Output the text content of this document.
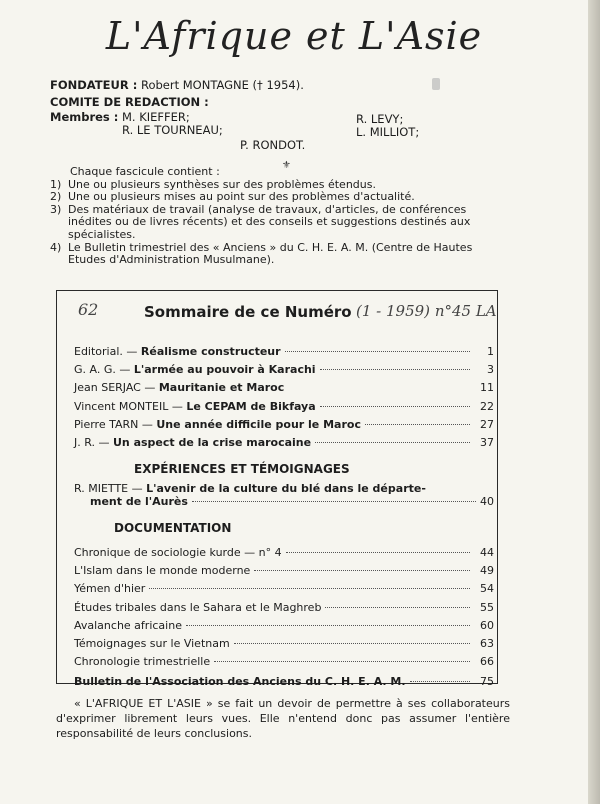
L'Afrique et L'Asie
FONDATEUR : Robert MONTAGNE († 1954).
COMITE DE REDACTION :
Membres : M. KIEFFER;	R. LEVY;
R. LE TOURNEAU;	L. MILLIOT;
P. RONDOT.
⚜
Chaque fascicule contient :
1) Une ou plusieurs synthèses sur des problèmes étendus.
2) Une ou plusieurs mises au point sur des problèmes d'actualité.
3) Des matériaux de travail (analyse de travaux, d'articles, de conférences inédites ou de livres récents) et des conseils et suggestions destinés aux spécialistes.
4) Le Bulletin trimestriel des « Anciens » du C. H. E. A. M. (Centre de Hautes Etudes d'Administration Musulmane).
62	Sommaire de ce Numéro (1 - 1959) n°45 LA
Editorial. — Réalisme constructeur	1
G. A. G. — L'armée au pouvoir à Karachi	3
Jean SERJAC — Mauritanie et Maroc	11
Vincent MONTEIL — Le CEPAM de Bikfaya	22
Pierre TARN — Une année difficile pour le Maroc	27
J. R. — Un aspect de la crise marocaine	37
EXPÉRIENCES ET TÉMOIGNAGES
R. MIETTE — L'avenir de la culture du blé dans le départe-
ment de l'Aurès	40
DOCUMENTATION
Chronique de sociologie kurde — n° 4	44
L'Islam dans le monde moderne	49
Yémen d'hier	54
Études tribales dans le Sahara et le Maghreb	55
Avalanche africaine	60
Témoignages sur le Vietnam	63
Chronologie trimestrielle	66
Bulletin de l'Association des Anciens du C. H. E. A. M.	75
« L'AFRIQUE ET L'ASIE » se fait un devoir de permettre à ses collaborateurs d'exprimer librement leurs vues. Elle n'entend donc pas assumer l'entière responsabilité de leurs conclusions.
